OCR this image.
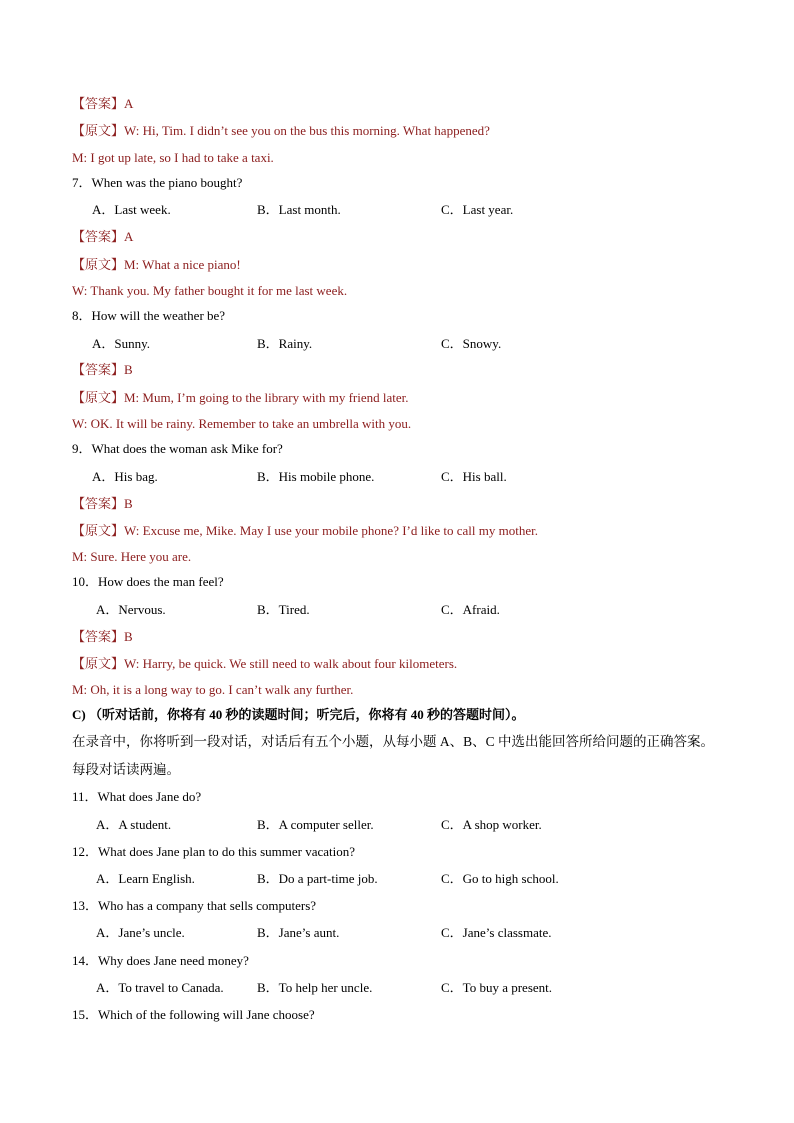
【答案】A
【原文】W: Hi, Tim. I didn’t see you on the bus this morning. What happened?
M: I got up late, so I had to take a taxi.
7．When was the piano bought?
A．Last week.	B．Last month.	C．Last year.
【答案】A
【原文】M: What a nice piano!
W: Thank you. My father bought it for me last week.
8．How will the weather be?
A．Sunny.	B．Rainy.	C．Snowy.
【答案】B
【原文】M: Mum, I’m going to the library with my friend later.
W: OK. It will be rainy. Remember to take an umbrella with you.
9．What does the woman ask Mike for?
A．His bag.	B．His mobile phone.	C．His ball.
【答案】B
【原文】W: Excuse me, Mike. May I use your mobile phone? I’d like to call my mother.
M: Sure. Here you are.
10．How does the man feel?
A．Nervous.	B．Tired.	C．Afraid.
【答案】B
【原文】W: Harry, be quick. We still need to walk about four kilometers.
M: Oh, it is a long way to go. I can’t walk any further.
C) （听对话前，你将有 40 秒的读题时间；听完后，你将有 40 秒的答题时间）。
在录音中，你将听到一段对话，对话后有五个小题，从每小题 A、B、C 中选出能回答所给问题的正确答案。
每段对话读两遍。
11．What does Jane do?
A．A student.	B．A computer seller.	C．A shop worker.
12．What does Jane plan to do this summer vacation?
A．Learn English.	B．Do a part-time job.	C．Go to high school.
13．Who has a company that sells computers?
A．Jane’s uncle.	B．Jane’s aunt.	C．Jane’s classmate.
14．Why does Jane need money?
A．To travel to Canada.	B．To help her uncle.	C．To buy a present.
15．Which of the following will Jane choose?
